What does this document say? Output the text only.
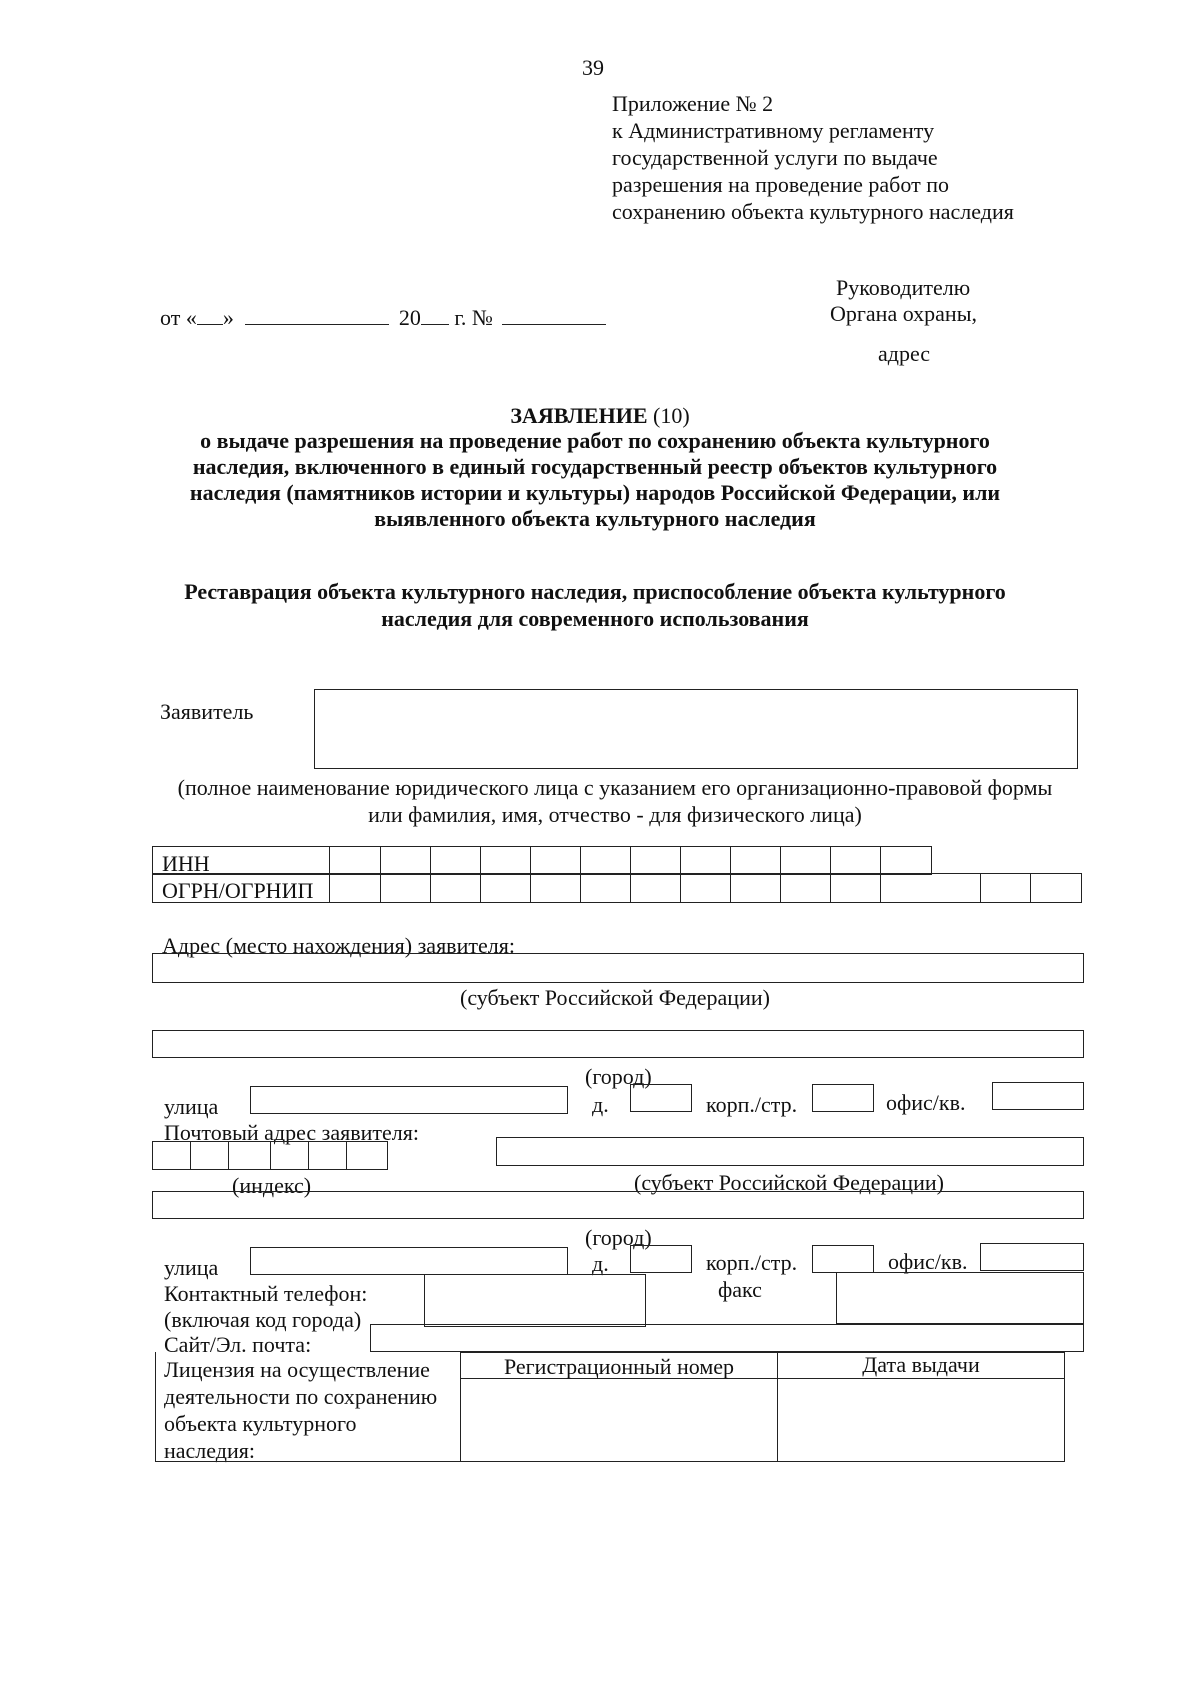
39
Приложение № 2
к Административному регламенту
государственной услуги по выдаче
разрешения на проведение работ по
сохранению объекта культурного наследия
Руководителю
Органа охраны,
адрес
от « »	20 г. №
ЗАЯВЛЕНИЕ (10)
о выдаче разрешения на проведение работ по сохранению объекта культурного
наследия, включенного в единый государственный реестр объектов культурного
наследия (памятников истории и культуры) народов Российской Федерации, или
выявленного объекта культурного наследия
Реставрация объекта культурного наследия, приспособление объекта культурного
наследия для современного использования
Заявитель
(полное наименование юридического лица с указанием его организационно-правовой формы
или фамилия, имя, отчество - для физического лица)
ИНН
ОГРН/ОГРНИП
Адрес (место нахождения) заявителя:
(субъект Российской Федерации)
(город)
улица	д.	корп./стр.	офис/кв.
Почтовый адрес заявителя:
(индекс)	(субъект Российской Федерации)
(город)
улица	д.	корп./стр.	офис/кв.
Контактный телефон:
(включая код города)
факс
Сайт/Эл. почта:
Лицензия на осуществление
деятельности по сохранению
объекта культурного
наследия:
Регистрационный номер	Дата выдачи
